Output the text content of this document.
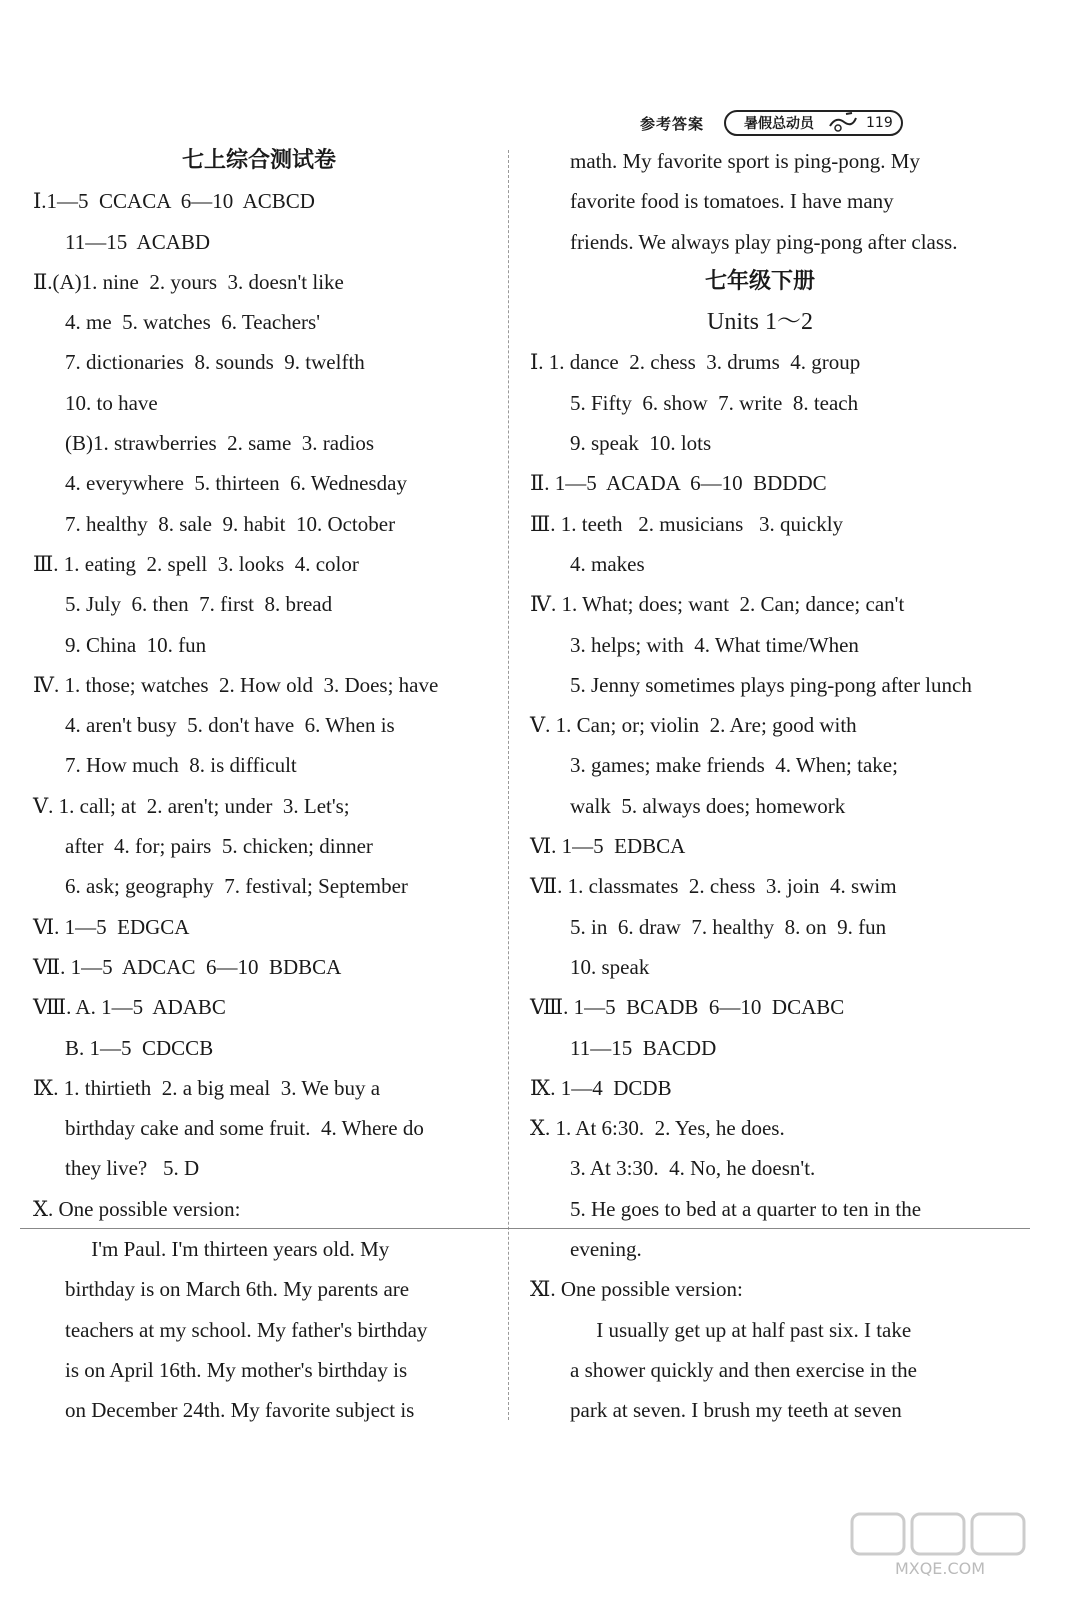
参考答案	暑假总动员	119
七上综合测试卷
Ⅰ.1—5  CCACA  6—10  ACBCD
11—15  ACABD
Ⅱ.(A)1. nine  2. yours  3. doesn't like
4. me  5. watches  6. Teachers'
7. dictionaries  8. sounds  9. twelfth
10. to have
(B)1. strawberries  2. same  3. radios
4. everywhere  5. thirteen  6. Wednesday
7. healthy  8. sale  9. habit  10. October
Ⅲ. 1. eating  2. spell  3. looks  4. color
5. July  6. then  7. first  8. bread
9. China  10. fun
Ⅳ. 1. those; watches  2. How old  3. Does; have
4. aren't busy  5. don't have  6. When is
7. How much  8. is difficult
Ⅴ. 1. call; at  2. aren't; under  3. Let's;
after  4. for; pairs  5. chicken; dinner
6. ask; geography  7. festival; September
Ⅵ. 1—5  EDGCA
Ⅶ. 1—5  ADCAC  6—10  BDBCA
Ⅷ. A. 1—5  ADABC
B. 1—5  CDCCB
Ⅸ. 1. thirtieth  2. a big meal  3. We buy a
birthday cake and some fruit.  4. Where do
they live?   5. D
Ⅹ. One possible version:
I'm Paul. I'm thirteen years old. My
birthday is on March 6th. My parents are
teachers at my school. My father's birthday
is on April 16th. My mother's birthday is
on December 24th. My favorite subject is
math. My favorite sport is ping-pong. My
favorite food is tomatoes. I have many
friends. We always play ping-pong after class.
七年级下册
Units 1～2
Ⅰ. 1. dance  2. chess  3. drums  4. group
5. Fifty  6. show  7. write  8. teach
9. speak  10. lots
Ⅱ. 1—5  ACADA  6—10  BDDDC
Ⅲ. 1. teeth   2. musicians   3. quickly
4. makes
Ⅳ. 1. What; does; want  2. Can; dance; can't
3. helps; with  4. What time/When
5. Jenny sometimes plays ping-pong after lunch
Ⅴ. 1. Can; or; violin  2. Are; good with
3. games; make friends  4. When; take;
walk  5. always does; homework
Ⅵ. 1—5  EDBCA
Ⅶ. 1. classmates  2. chess  3. join  4. swim
5. in  6. draw  7. healthy  8. on  9. fun
10. speak
Ⅷ. 1—5  BCADB  6—10  DCABC
11—15  BACDD
Ⅸ. 1—4  DCDB
Ⅹ. 1. At 6:30.  2. Yes, he does.
3. At 3:30.  4. No, he doesn't.
5. He goes to bed at a quarter to ten in the
evening.
Ⅺ. One possible version:
I usually get up at half past six. I take
a shower quickly and then exercise in the
park at seven. I brush my teeth at seven
MXQE.COM
